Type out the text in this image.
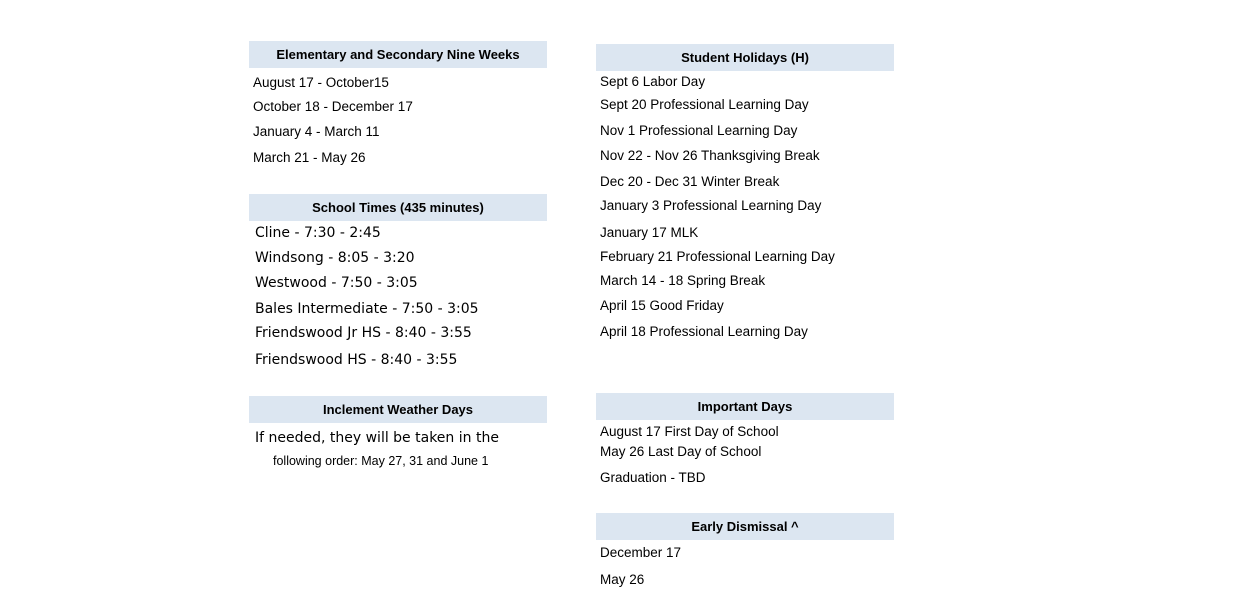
Elementary and Secondary Nine Weeks
August 17 - October15
October 18 - December 17
January 4 - March 11
March 21 - May 26
School Times (435 minutes)
Cline - 7:30 - 2:45
Windsong - 8:05 - 3:20
Westwood - 7:50 - 3:05
Bales Intermediate - 7:50 - 3:05
Friendswood Jr HS - 8:40 - 3:55
Friendswood HS - 8:40 - 3:55
Inclement Weather Days
If needed, they will be taken in the
following order: May 27, 31 and June 1
Student Holidays (H)
Sept 6 Labor Day
Sept 20 Professional Learning Day
Nov 1 Professional Learning Day
Nov 22 - Nov 26 Thanksgiving Break
Dec 20 - Dec 31 Winter Break
January 3 Professional Learning Day
January 17 MLK
February 21 Professional Learning Day
March 14 - 18 Spring Break
April 15 Good Friday
April 18 Professional Learning Day
Important Days
August 17 First Day of School
May 26 Last Day of School
Graduation - TBD
Early Dismissal ^
December 17
May 26
